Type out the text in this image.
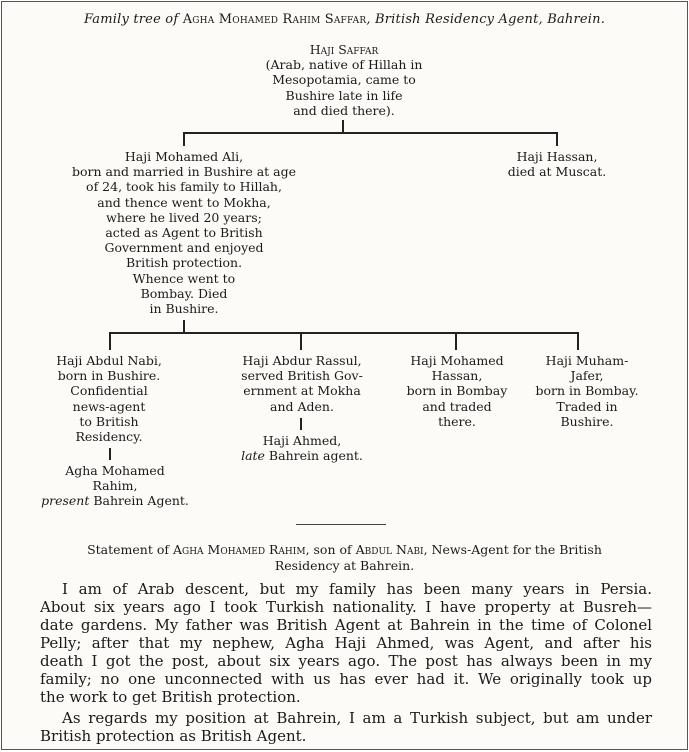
Family tree of Agha Mohamed Rahim Saffar, British Residency Agent, Bahrein.
Haji Saffar
(Arab, native of Hillah in
Mesopotamia, came to
Bushire late in life
and died there).
Haji Mohamed Ali,
born and married in Bushire at age
of 24, took his family to Hillah,
and thence went to Mokha,
where he lived 20 years;
acted as Agent to British
Government and enjoyed
British protection.
Whence went to
Bombay. Died
in Bushire.
Haji Hassan,
died at Muscat.
Haji Abdul Nabi,
born in Bushire.
Confidential
news-agent
to British
Residency.
Agha Mohamed
Rahim,
present Bahrein Agent.
Haji Abdur Rassul,
served British Gov-
ernment at Mokha
and Aden.
Haji Ahmed,
late Bahrein agent.
Haji Mohamed
Hassan,
born in Bombay
and traded
there.
Haji Muham-
Jafer,
born in Bombay.
Traded in
Bushire.
Statement of Agha Mohamed Rahim, son of Abdul Nabi, News-Agent for the British
Residency at Bahrein.

I am of Arab descent, but my family has been many years in Persia.
About six years ago I took Turkish nationality. I have property at Busreh—
date gardens. My father was British Agent at Bahrein in the time of Colonel
Pelly; after that my nephew, Agha Haji Ahmed, was Agent, and after his
death I got the post, about six years ago. The post has always been in my
family; no one unconnected with us has ever had it. We originally took up
the work to get British protection.

As regards my position at Bahrein, I am a Turkish subject, but am under
British protection as British Agent.
